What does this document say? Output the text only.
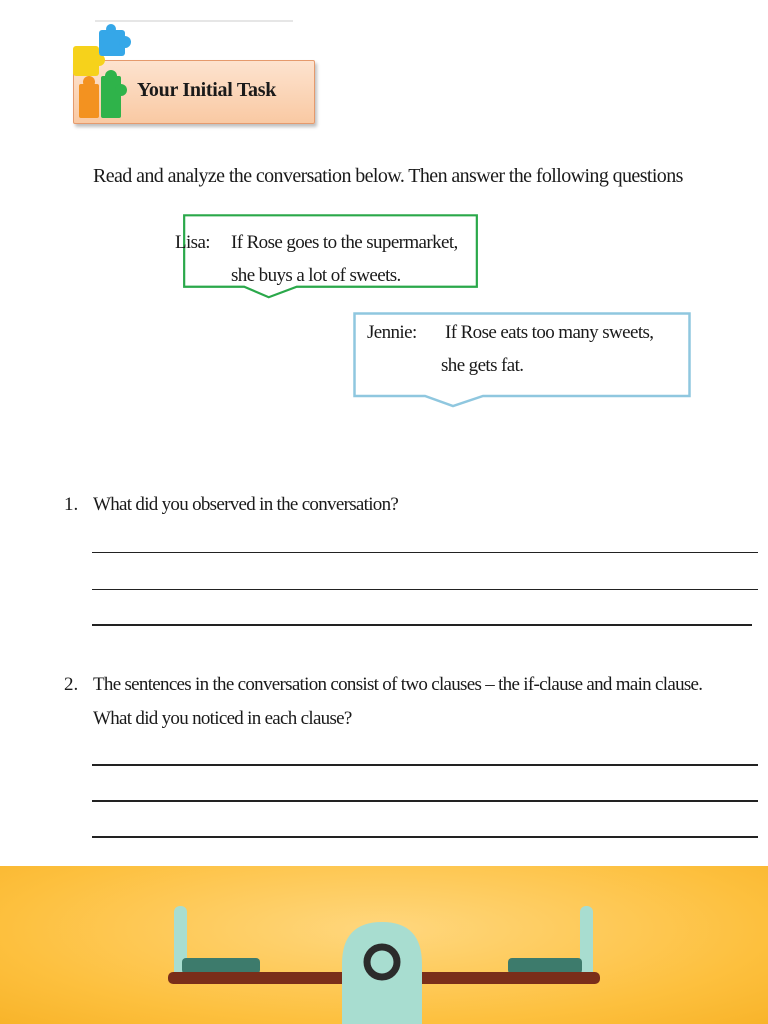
Your Initial Task
Read and analyze the conversation below. Then answer the following questions
Lisa: If Rose goes to the supermarket,
she buys a lot of sweets.
Jennie: If Rose eats too many sweets,
she gets fat.
1. What did you observed in the conversation?
2. The sentences in the conversation consist of two clauses – the if-clause and main clause.
What did you noticed in each clause?
